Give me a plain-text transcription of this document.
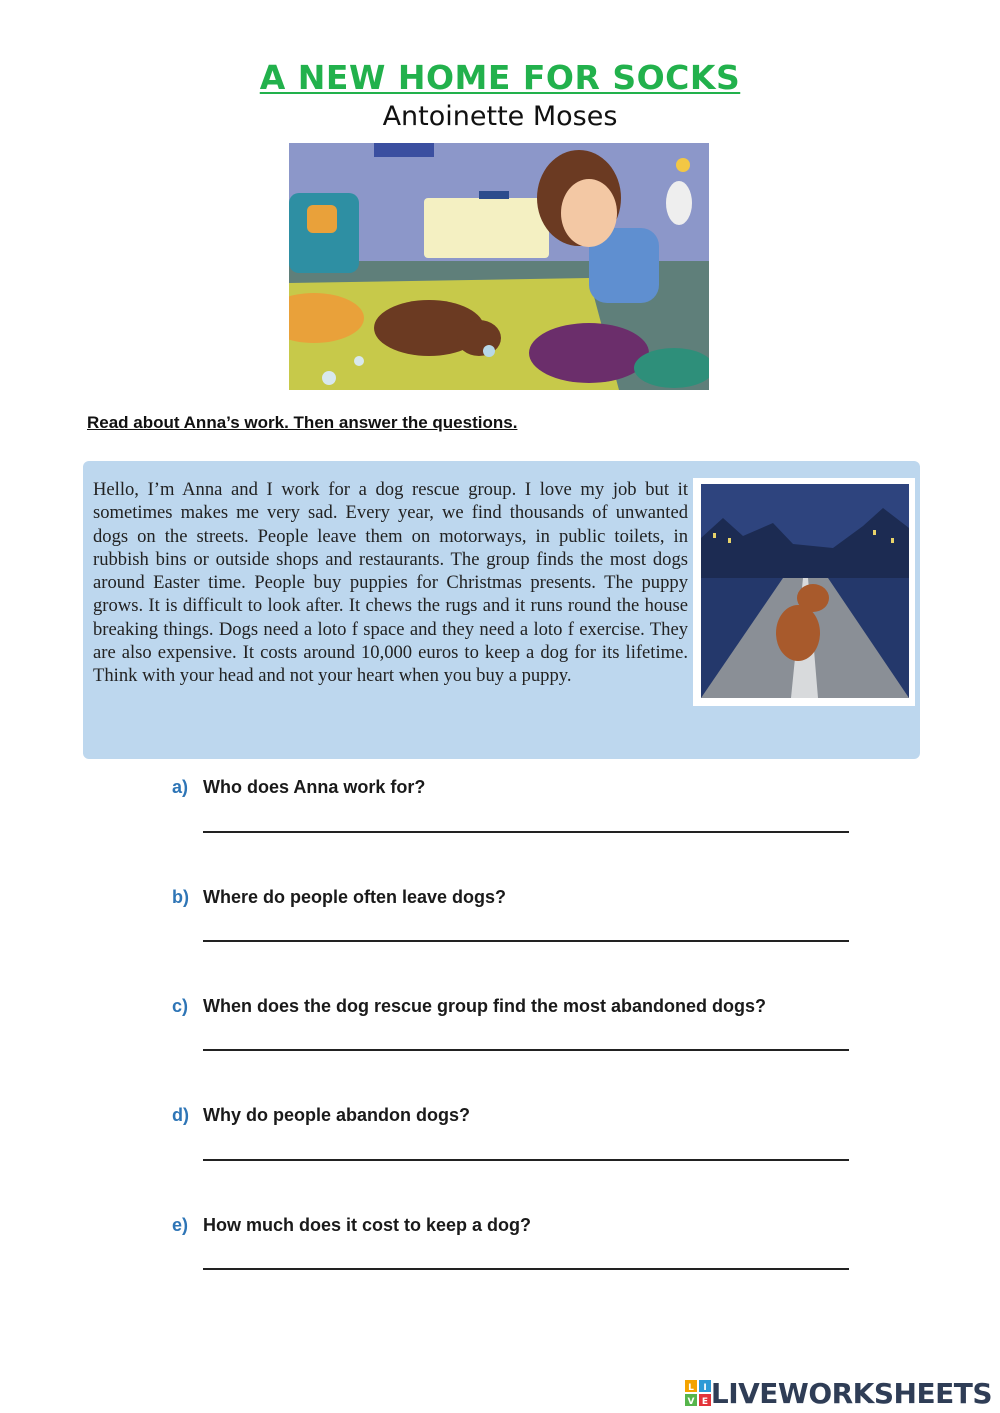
A NEW HOME FOR SOCKS
Antoinette Moses
Read about Anna’s work. Then answer the questions.
Hello, I’m Anna and I work for a dog rescue group. I love my job but it sometimes makes me very sad. Every year, we find thousands of unwanted dogs on the streets. People leave them on motorways, in public toilets, in rubbish bins or outside shops and restaurants. The group finds the most dogs around Easter time. People buy puppies for Christmas presents. The puppy grows. It is difficult to look after. It chews the rugs and it runs round the house breaking things. Dogs need a loto f space and they need a loto f exercise. They are also expensive. It costs around 10,000 euros to keep a dog for its lifetime. Think with your head and not your heart when you buy a puppy.
a) Who does Anna work for?
b) Where do people often leave dogs?
c) When does the dog rescue group find the most abandoned dogs?
d) Why do people abandon dogs?
e) How much does it cost to keep a dog?
L I
V E LIVEWORKSHEETS
